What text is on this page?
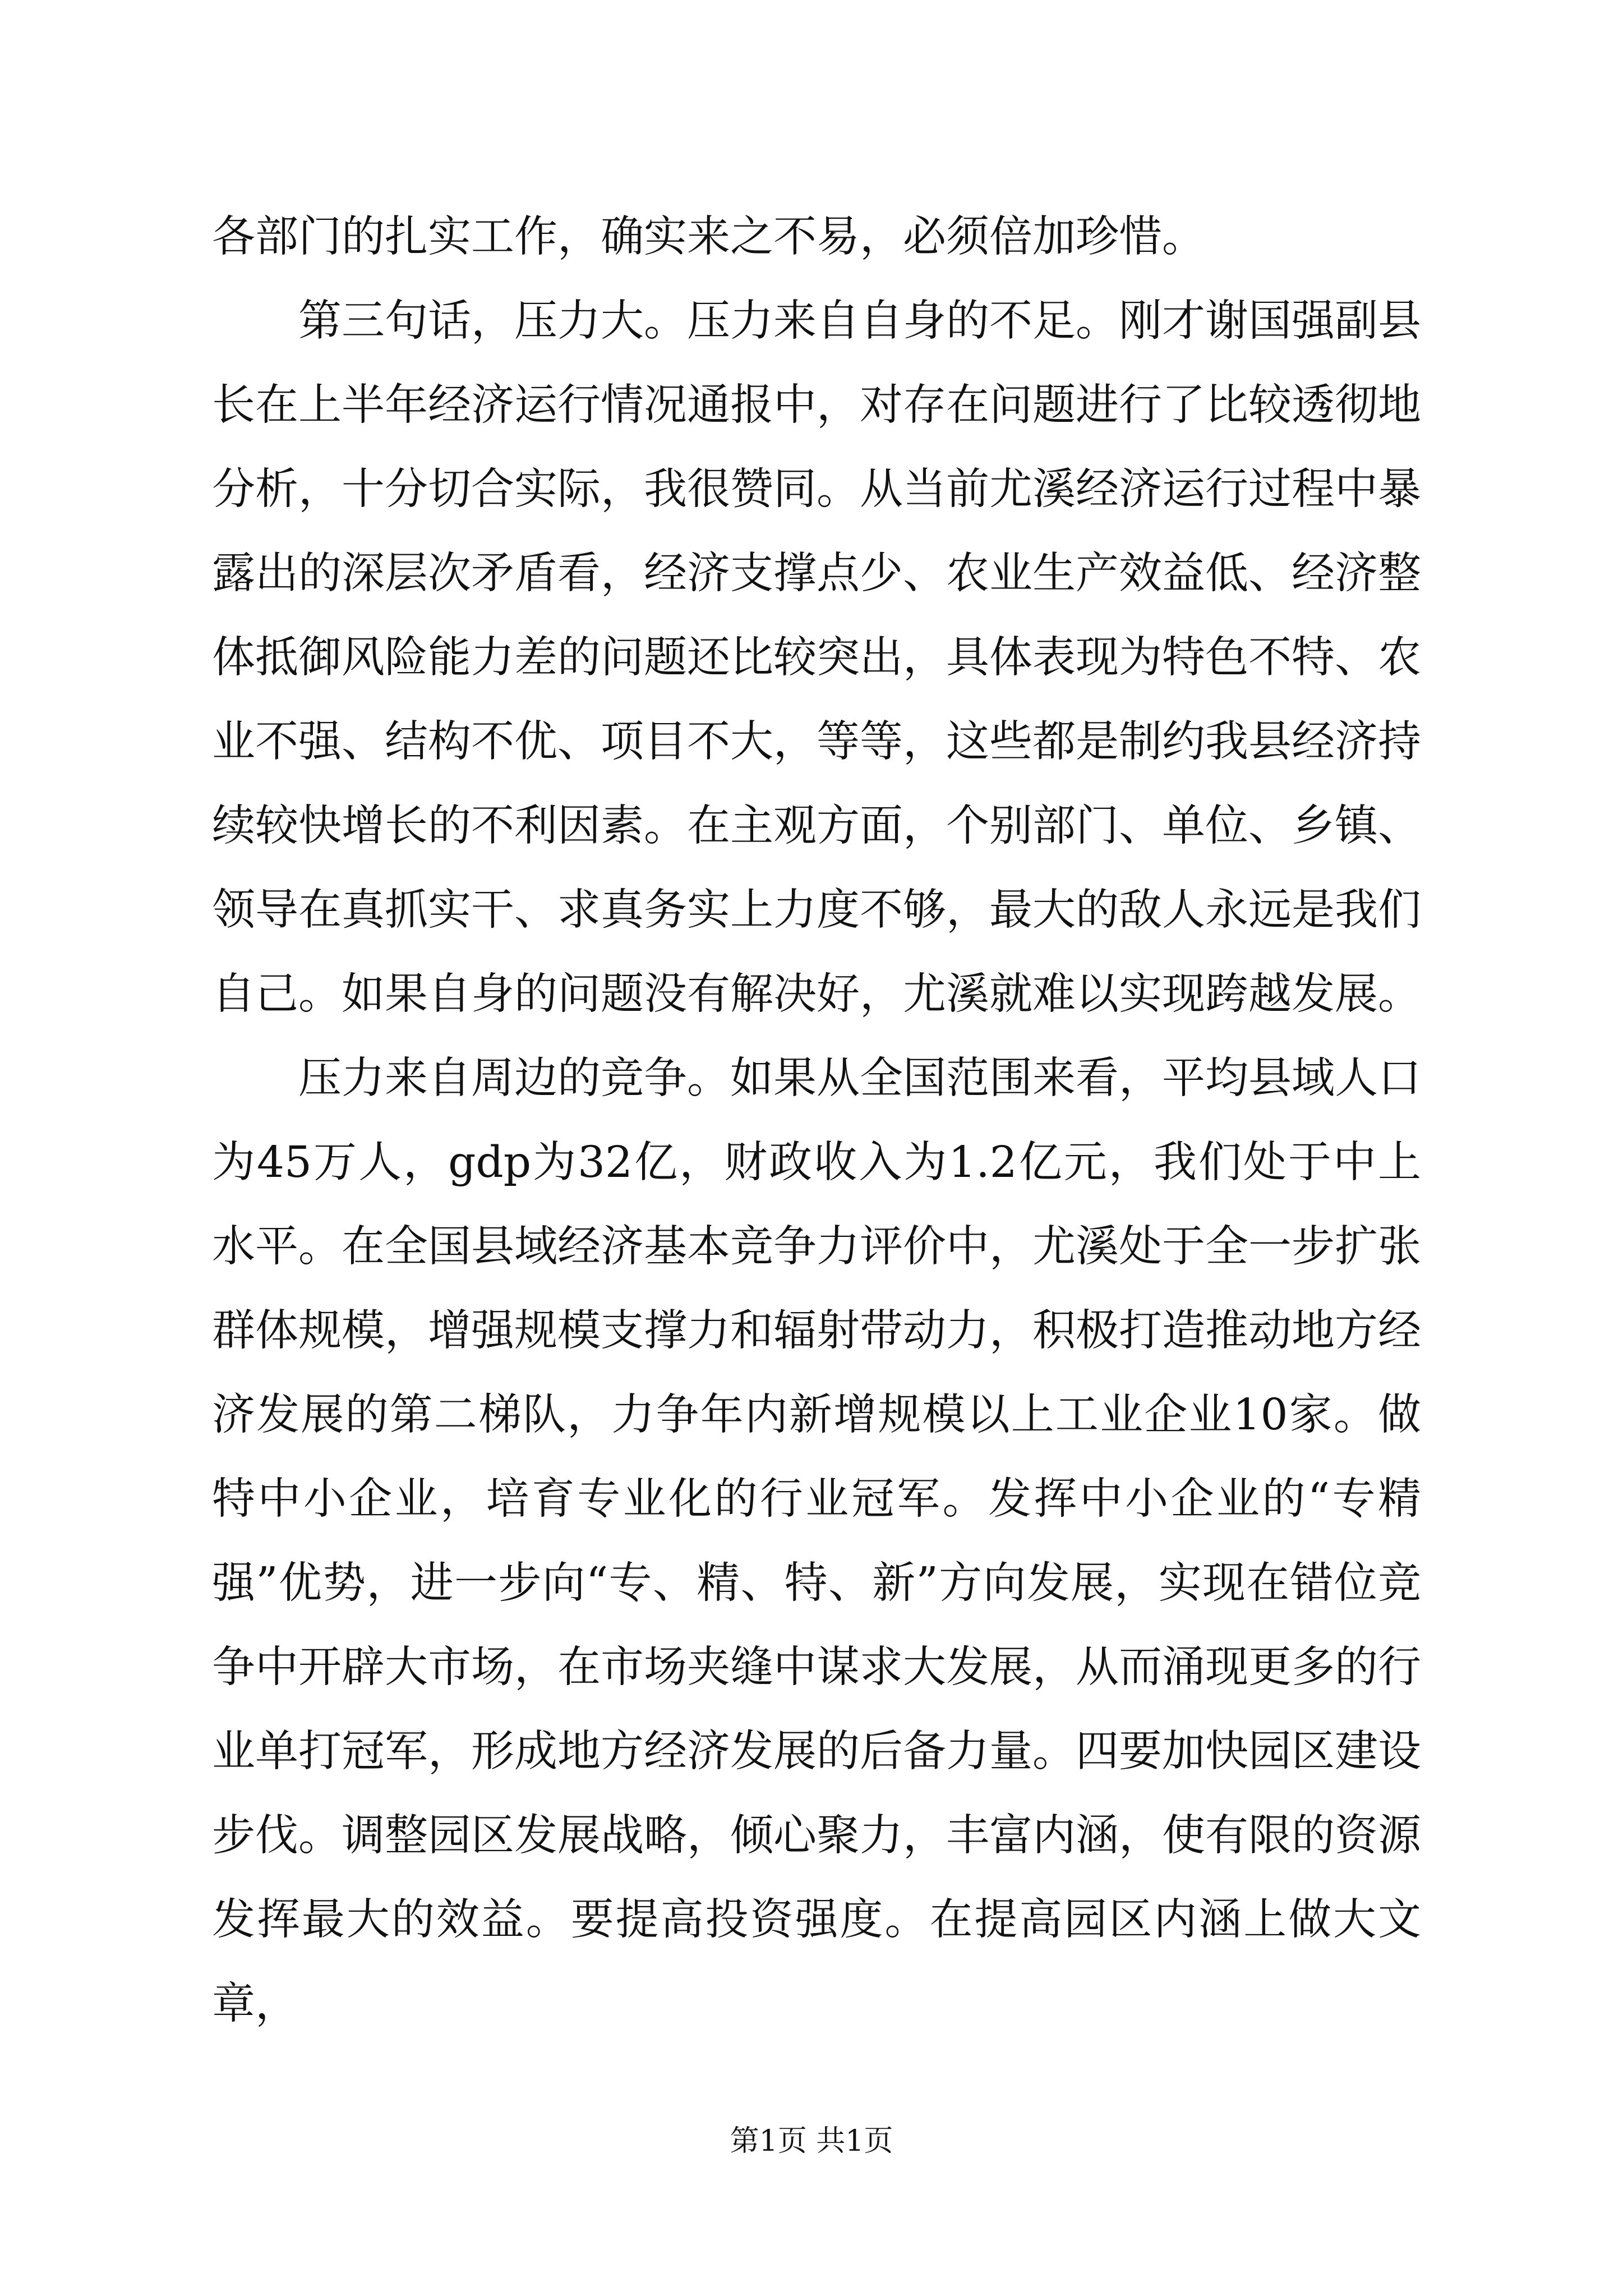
各部门的扎实工作，确实来之不易，必须倍加珍惜。

第三句话，压力大。压力来自自身的不足。刚才谢国强副县长在上半年经济运行情况通报中，对存在问题进行了比较透彻地分析，十分切合实际，我很赞同。从当前尤溪经济运行过程中暴露出的深层次矛盾看，经济支撑点少、农业生产效益低、经济整体抵御风险能力差的问题还比较突出，具体表现为特色不特、农业不强、结构不优、项目不大，等等，这些都是制约我县经济持续较快增长的不利因素。在主观方面，个别部门、单位、乡镇、领导在真抓实干、求真务实上力度不够，最大的敌人永远是我们自己。如果自身的问题没有解决好，尤溪就难以实现跨越发展。

压力来自周边的竞争。如果从全国范围来看，平均县域人口为45万人，gdp为32亿，财政收入为1.2亿元，我们处于中上水平。在全国县域经济基本竞争力评价中，尤溪处于全一步扩张群体规模，增强规模支撑力和辐射带动力，积极打造推动地方经济发展的第二梯队，力争年内新增规模以上工业企业10家。做特中小企业，培育专业化的行业冠军。发挥中小企业的“专精强”优势，进一步向“专、精、特、新”方向发展，实现在错位竞争中开辟大市场，在市场夹缝中谋求大发展，从而涌现更多的行业单打冠军，形成地方经济发展的后备力量。四要加快园区建设步伐。调整园区发展战略，倾心聚力，丰富内涵，使有限的资源发挥最大的效益。要提高投资强度。在提高园区内涵上做大文章，

第1页 共1页
